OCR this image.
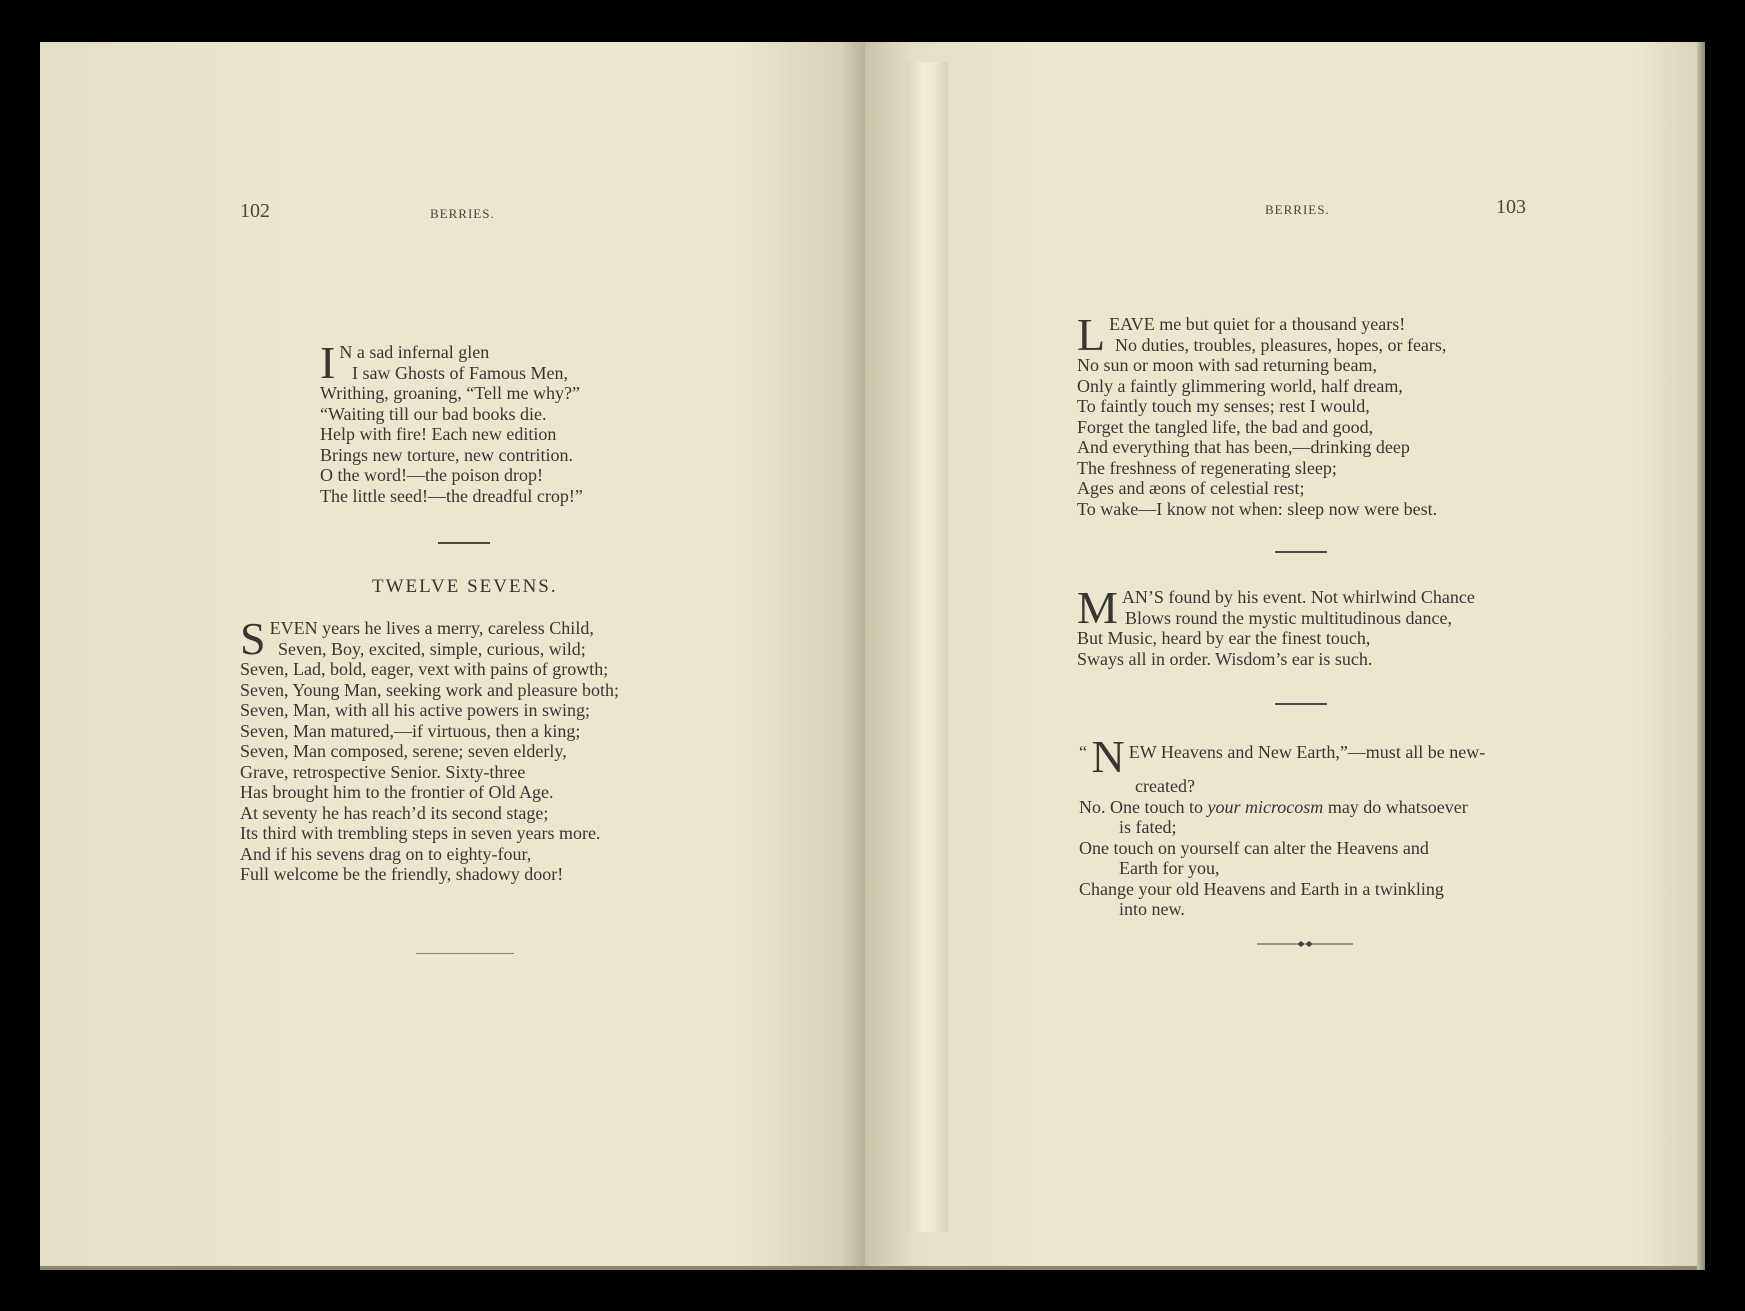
102	BERRIES.
I N a sad infernal glen
I saw Ghosts of Famous Men,
Writhing, groaning, “Tell me why?”
“Waiting till our bad books die.
Help with fire! Each new edition
Brings new torture, new contrition.
O the word!—the poison drop!
The little seed!—the dreadful crop!”
TWELVE SEVENS.
SEVEN years he lives a merry, careless Child,
Seven, Boy, excited, simple, curious, wild;
Seven, Lad, bold, eager, vext with pains of growth;
Seven, Young Man, seeking work and pleasure both;
Seven, Man, with all his active powers in swing;
Seven, Man matured,—if virtuous, then a king;
Seven, Man composed, serene; seven elderly,
Grave, retrospective Senior. Sixty-three
Has brought him to the frontier of Old Age.
At seventy he has reach’d its second stage;
Its third with trembling steps in seven years more.
And if his sevens drag on to eighty-four,
Full welcome be the friendly, shadowy door!
BERRIES.	103
LEAVE me but quiet for a thousand years!
No duties, troubles, pleasures, hopes, or fears,
No sun or moon with sad returning beam,
Only a faintly glimmering world, half dream,
To faintly touch my senses; rest I would,
Forget the tangled life, the bad and good,
And everything that has been,—drinking deep
The freshness of regenerating sleep;
Ages and æons of celestial rest;
To wake—I know not when: sleep now were best.
MAN’S found by his event. Not whirlwind Chance
Blows round the mystic multitudinous dance,
But Music, heard by ear the finest touch,
Sways all in order. Wisdom’s ear is such.
“ N EW Heavens and New Earth,”—must all be new-
created?
No. One touch to your microcosm may do whatsoever
is fated;
One touch on yourself can alter the Heavens and
Earth for you,
Change your old Heavens and Earth in a twinkling
into new.
